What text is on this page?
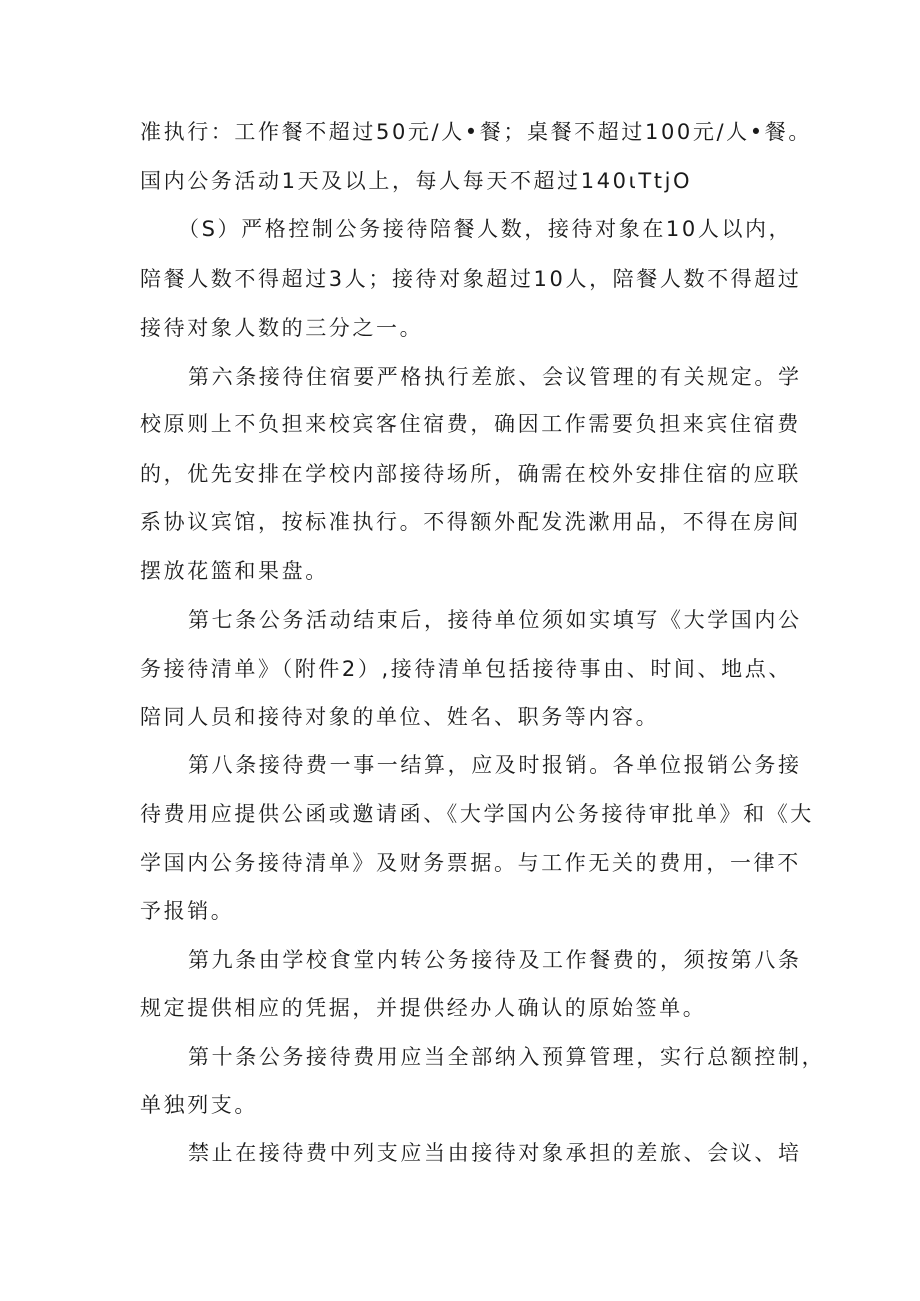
准执行：工作餐不超过50元/人•餐；桌餐不超过100元/人•餐。
国内公务活动1天及以上，每人每天不超过140ιTtjO
（S）严格控制公务接待陪餐人数，接待对象在10人以内，
陪餐人数不得超过3人；接待对象超过10人，陪餐人数不得超过
接待对象人数的三分之一。
第六条接待住宿要严格执行差旅、会议管理的有关规定。学
校原则上不负担来校宾客住宿费，确因工作需要负担来宾住宿费
的，优先安排在学校内部接待场所，确需在校外安排住宿的应联
系协议宾馆，按标准执行。不得额外配发洗漱用品，不得在房间
摆放花篮和果盘。
第七条公务活动结束后，接待单位须如实填写《大学国内公
务接待清单》（附件2）,接待清单包括接待事由、时间、地点、
陪同人员和接待对象的单位、姓名、职务等内容。
第八条接待费一事一结算，应及时报销。各单位报销公务接
待费用应提供公函或邀请函、《大学国内公务接待审批单》和《大
学国内公务接待清单》及财务票据。与工作无关的费用，一律不
予报销。
第九条由学校食堂内转公务接待及工作餐费的，须按第八条
规定提供相应的凭据，并提供经办人确认的原始签单。
第十条公务接待费用应当全部纳入预算管理，实行总额控制，
单独列支。
禁止在接待费中列支应当由接待对象承担的差旅、会议、培
